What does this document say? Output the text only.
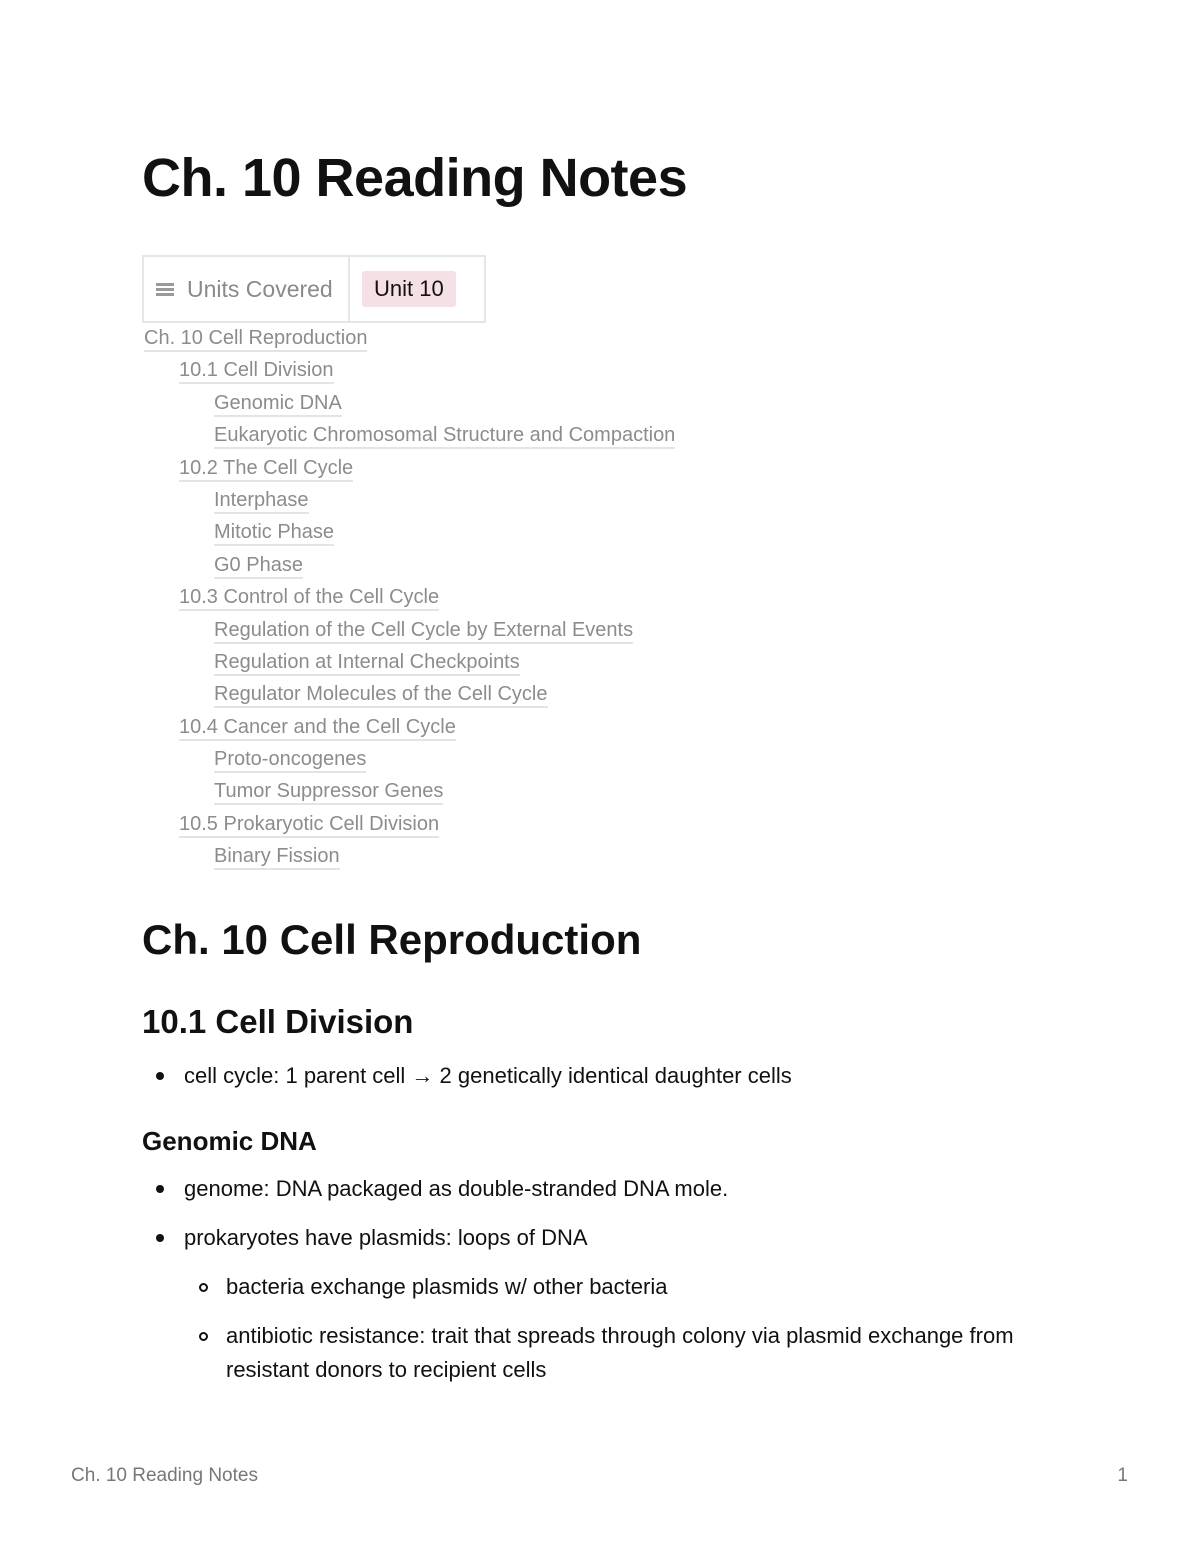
Ch. 10 Reading Notes
Units Covered	Unit 10
Ch. 10 Cell Reproduction
10.1 Cell Division
Genomic DNA
Eukaryotic Chromosomal Structure and Compaction
10.2 The Cell Cycle
Interphase
Mitotic Phase
G0 Phase
10.3 Control of the Cell Cycle
Regulation of the Cell Cycle by External Events
Regulation at Internal Checkpoints
Regulator Molecules of the Cell Cycle
10.4 Cancer and the Cell Cycle
Proto-oncogenes
Tumor Suppressor Genes
10.5 Prokaryotic Cell Division
Binary Fission
Ch. 10 Cell Reproduction
10.1 Cell Division
cell cycle: 1 parent cell → 2 genetically identical daughter cells
Genomic DNA
genome: DNA packaged as double-stranded DNA mole.
prokaryotes have plasmids: loops of DNA
bacteria exchange plasmids w/ other bacteria
antibiotic resistance: trait that spreads through colony via plasmid exchange from resistant donors to recipient cells
Ch. 10 Reading Notes	1
